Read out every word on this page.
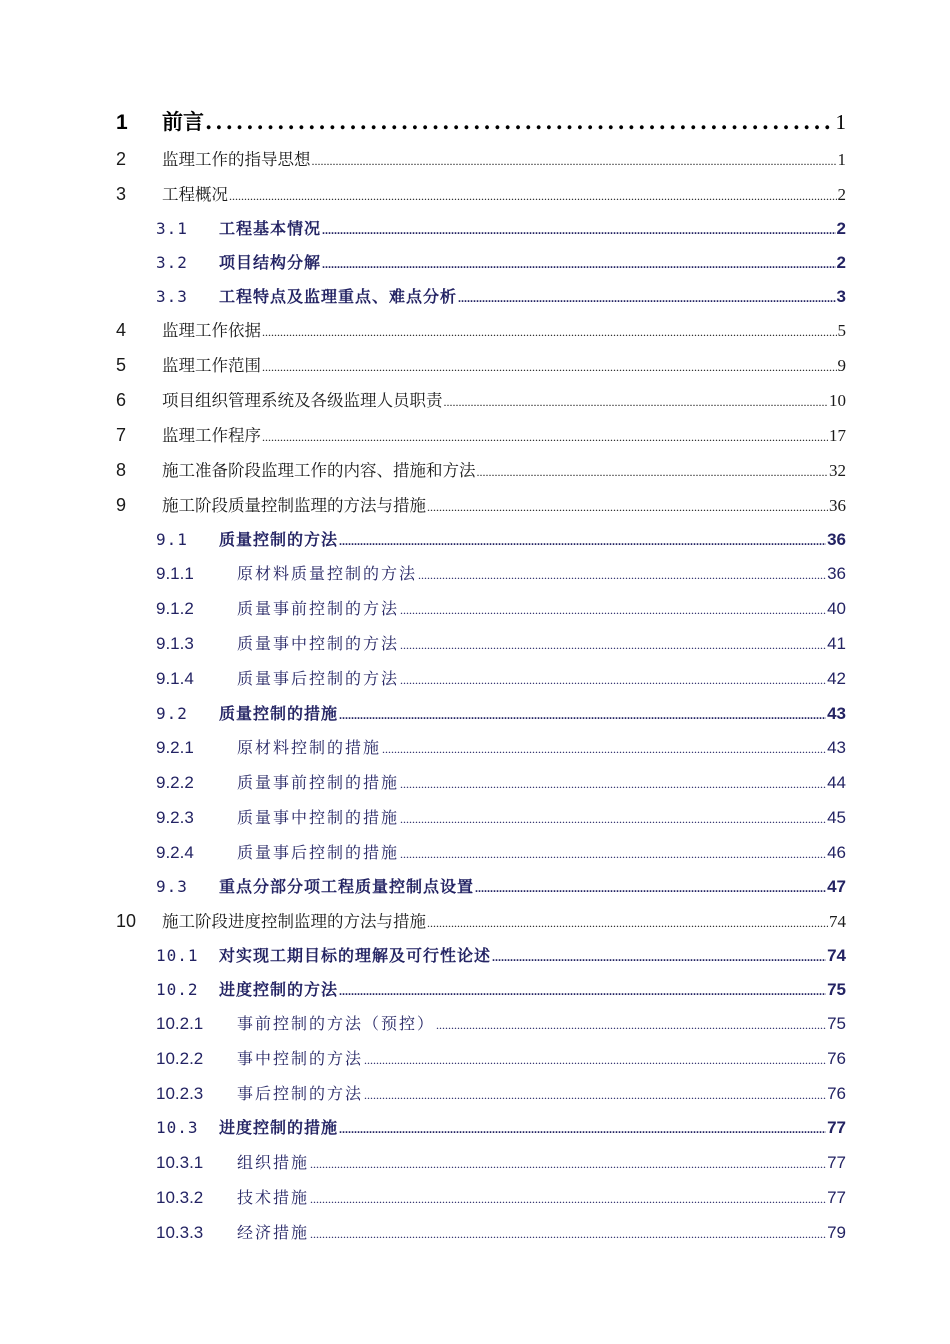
1	前言 .....	1
2	监理工作的指导思想 .....	1
3	工程概况 .....	2
3.1	工程基本情况 .....	2
3.2	项目结构分解 .....	2
3.3	工程特点及监理重点、难点分析 .....	3
4	监理工作依据 .....	5
5	监理工作范围 .....	9
6	项目组织管理系统及各级监理人员职责 .....	10
7	监理工作程序 .....	17
8	施工准备阶段监理工作的内容、措施和方法 .....	32
9	施工阶段质量控制监理的方法与措施 .....	36
9.1	质量控制的方法 .....	36
9.1.1	原材料质量控制的方法 .....	36
9.1.2	质量事前控制的方法 .....	40
9.1.3	质量事中控制的方法 .....	41
9.1.4	质量事后控制的方法 .....	42
9.2	质量控制的措施 .....	43
9.2.1	原材料控制的措施 .....	43
9.2.2	质量事前控制的措施 .....	44
9.2.3	质量事中控制的措施 .....	45
9.2.4	质量事后控制的措施 .....	46
9.3	重点分部分项工程质量控制点设置 .....	47
10	施工阶段进度控制监理的方法与措施 .....	74
10.1	对实现工期目标的理解及可行性论述 .....	74
10.2	进度控制的方法 .....	75
10.2.1	事前控制的方法（预控） .....	75
10.2.2	事中控制的方法 .....	76
10.2.3	事后控制的方法 .....	76
10.3	进度控制的措施 .....	77
10.3.1	组织措施 .....	77
10.3.2	技术措施 .....	77
10.3.3	经济措施 .....	79
